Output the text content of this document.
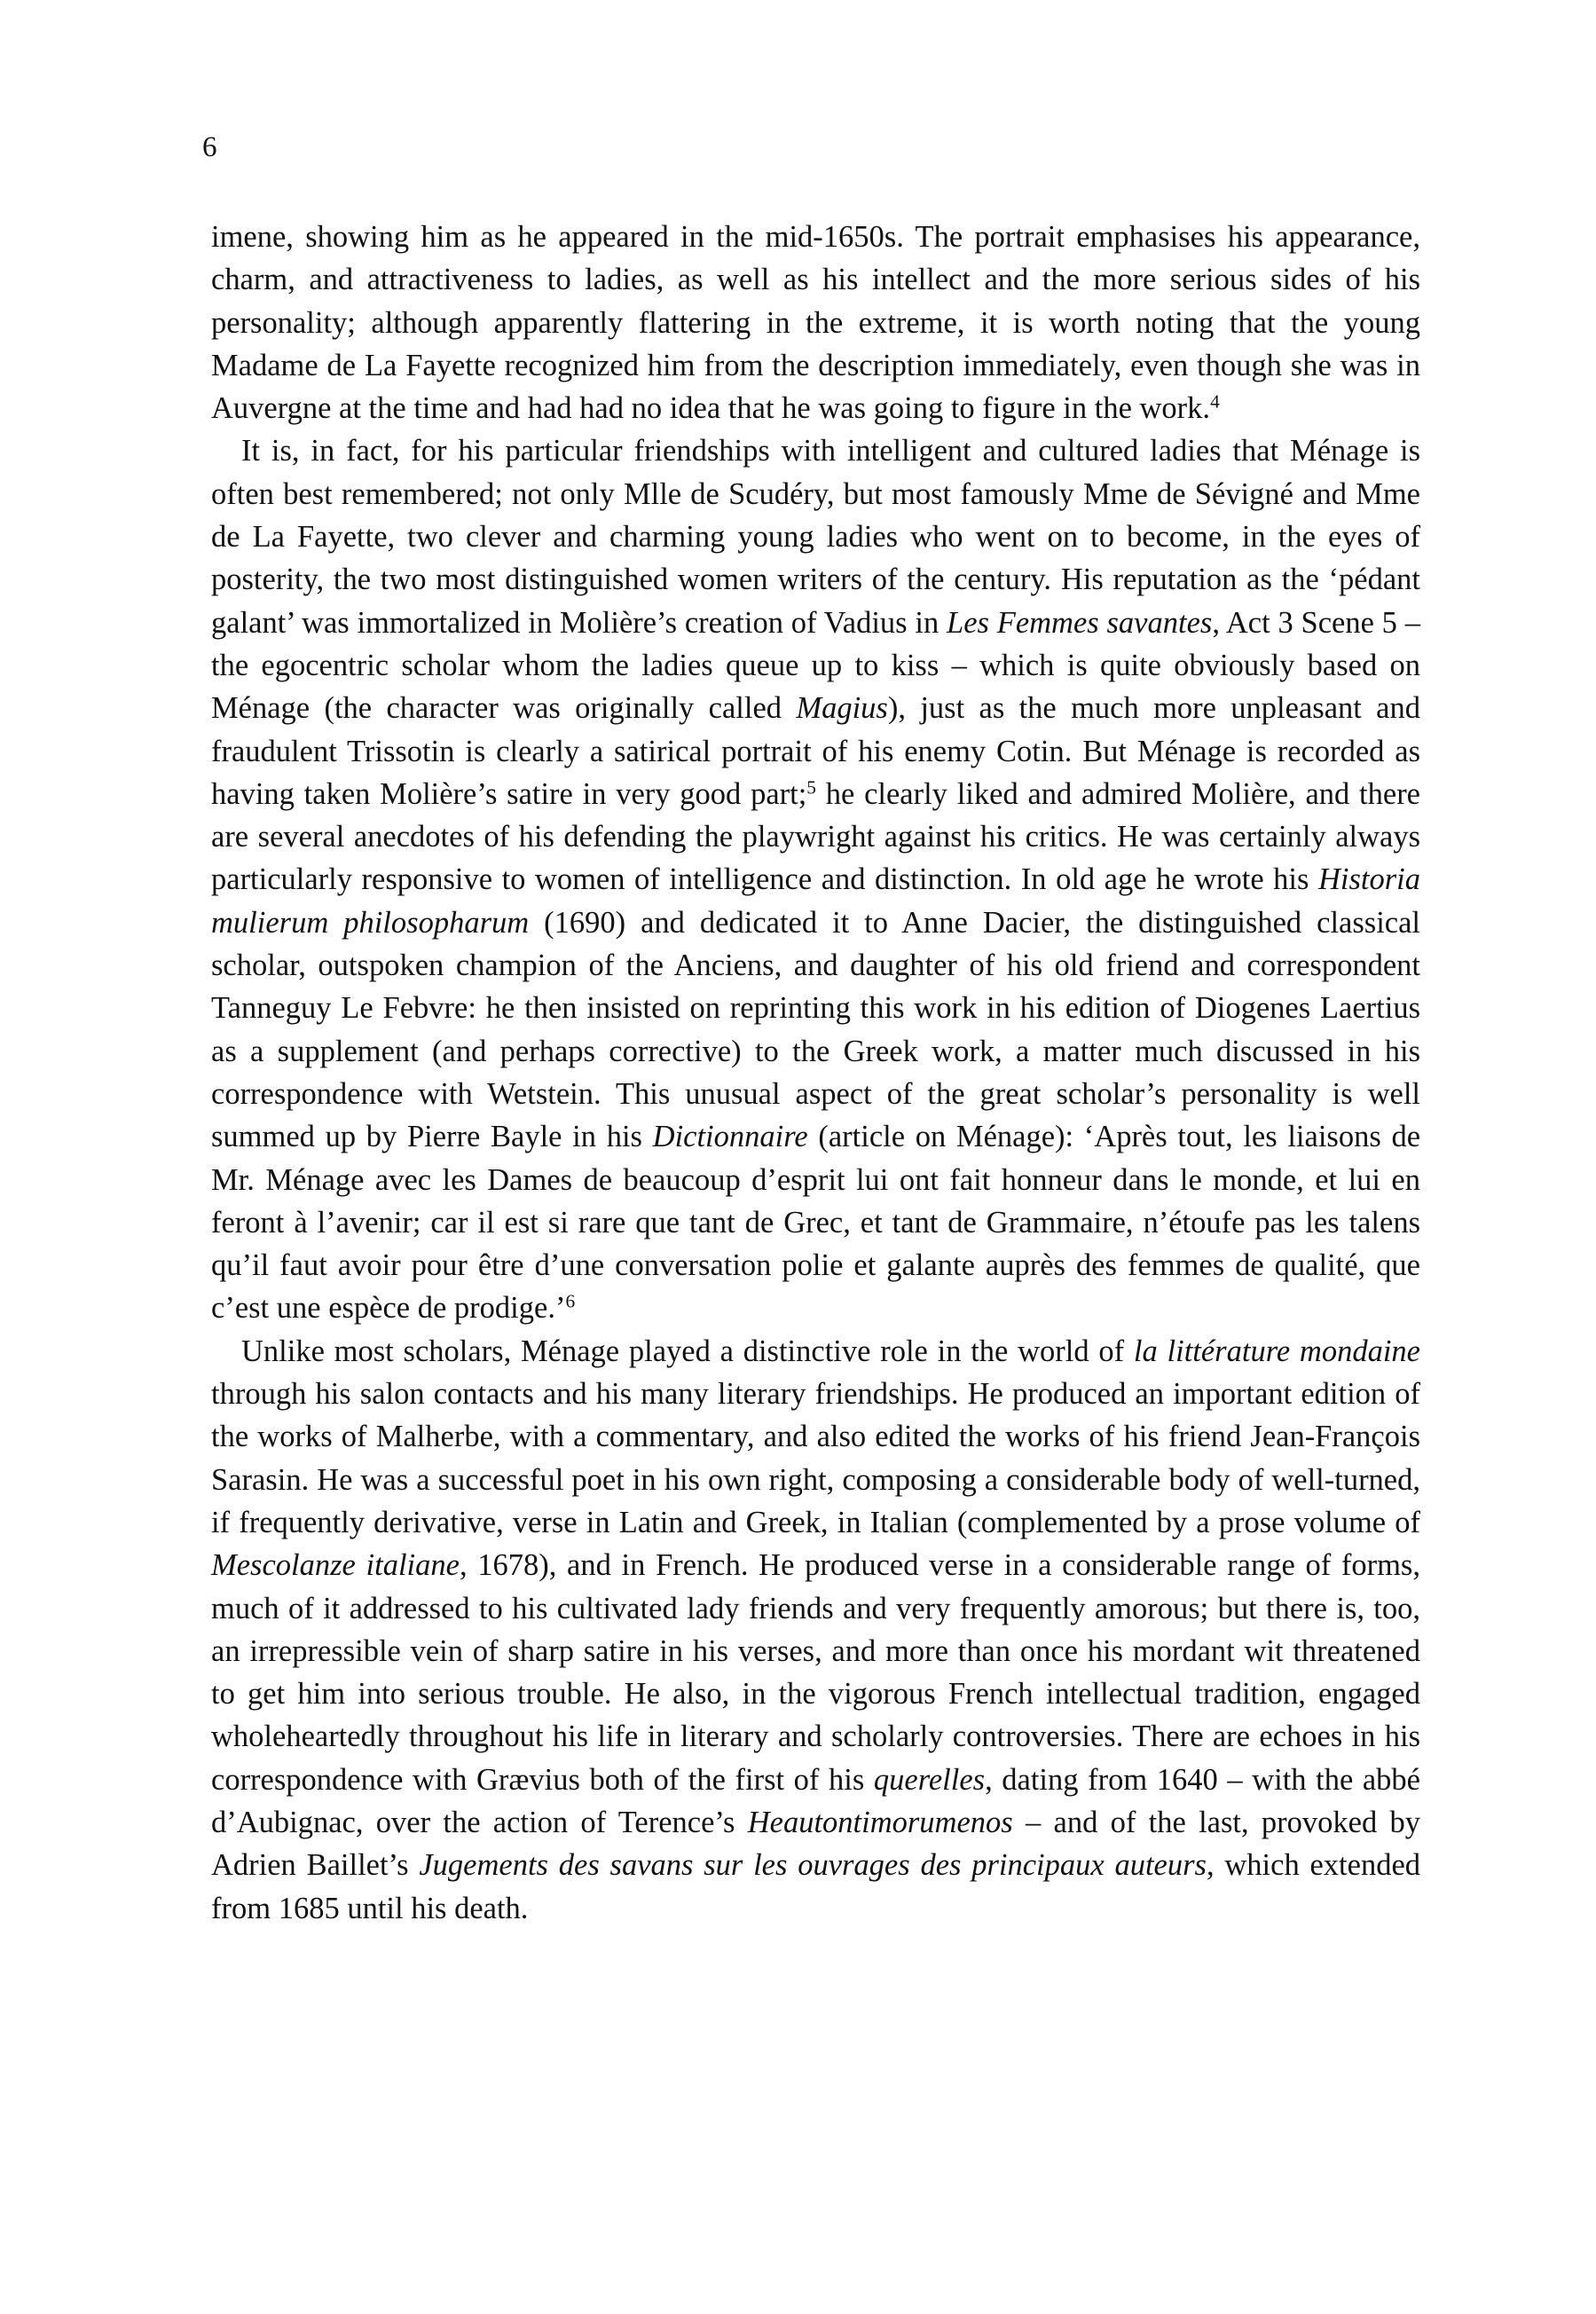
6

imene, showing him as he appeared in the mid-1650s. The portrait emphasises his appearance, charm, and attractiveness to ladies, as well as his intellect and the more serious sides of his personality; although apparently flattering in the extreme, it is worth noting that the young Madame de La Fayette recognized him from the description immediately, even though she was in Auvergne at the time and had had no idea that he was going to figure in the work.$^4$

It is, in fact, for his particular friendships with intelligent and cultured ladies that Ménage is often best remembered; not only Mlle de Scudéry, but most famously Mme de Sévigné and Mme de La Fayette, two clever and charming young ladies who went on to become, in the eyes of posterity, the two most distinguished women writers of the century. His reputation as the ‘pédant galant’ was immortalized in Molière’s creation of Vadius in Les Femmes savantes, Act 3 Scene 5 – the egocentric scholar whom the ladies queue up to kiss – which is quite obviously based on Ménage (the character was originally called Magius), just as the much more unpleasant and fraudulent Trissotin is clearly a satirical portrait of his enemy Cotin. But Ménage is recorded as having taken Molière’s satire in very good part;$^5$ he clearly liked and admired Molière, and there are several anecdotes of his defending the playwright against his critics. He was certainly always particularly responsive to women of intelligence and distinction. In old age he wrote his Historia mulierum philosopharum (1690) and dedicated it to Anne Dacier, the distinguished classical scholar, outspoken champion of the Anciens, and daughter of his old friend and correspondent Tanneguy Le Febvre: he then insisted on reprinting this work in his edition of Diogenes Laertius as a supplement (and perhaps corrective) to the Greek work, a matter much discussed in his correspondence with Wetstein. This unusual aspect of the great scholar’s personality is well summed up by Pierre Bayle in his Dictionnaire (article on Ménage): ‘Après tout, les liaisons de Mr. Ménage avec les Dames de beaucoup d’esprit lui ont fait honneur dans le monde, et lui en feront à l’avenir; car il est si rare que tant de Grec, et tant de Grammaire, n’étoufe pas les talens qu’il faut avoir pour être d’une conversation polie et galante auprès des femmes de qualité, que c’est une espèce de prodige.’$^6$

Unlike most scholars, Ménage played a distinctive role in the world of la littérature mondaine through his salon contacts and his many literary friendships. He produced an important edition of the works of Malherbe, with a commentary, and also edited the works of his friend Jean-François Sarasin. He was a successful poet in his own right, composing a considerable body of well-turned, if frequently derivative, verse in Latin and Greek, in Italian (complemented by a prose volume of Mescolanze italiane, 1678), and in French. He produced verse in a considerable range of forms, much of it addressed to his cultivated lady friends and very frequently amorous; but there is, too, an irrepressible vein of sharp satire in his verses, and more than once his mordant wit threatened to get him into serious trouble. He also, in the vigorous French intellectual tradition, engaged wholeheartedly throughout his life in literary and scholarly controversies. There are echoes in his correspondence with Grævius both of the first of his querelles, dating from 1640 – with the abbé d’Aubignac, over the action of Terence’s Heautontimorumenos – and of the last, provoked by Adrien Baillet’s Jugements des savans sur les ouvrages des principaux auteurs, which extended from 1685 until his death.
